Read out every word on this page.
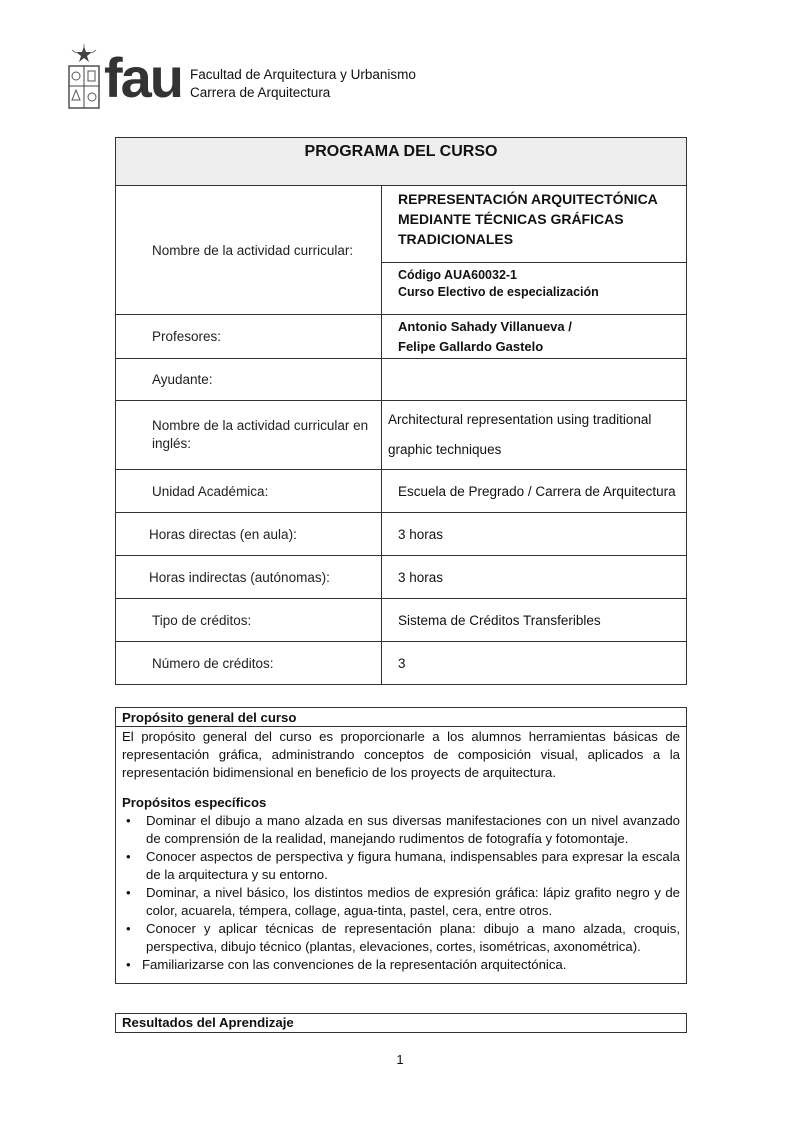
fau Facultad de Arquitectura y Urbanismo
Carrera de Arquitectura
PROGRAMA DEL CURSO	
Nombre de la actividad curricular:	REPRESENTACIÓN ARQUITECTÓNICA MEDIANTE TÉCNICAS GRÁFICAS TRADICIONALES

	Código AUA60032-1
Curso Electivo de especialización

Profesores:	Antonio Sahady Villanueva /
Felipe Gallardo Gastelo

Ayudante:	
Nombre de la actividad curricular en inglés:	Architectural representation using traditional
graphic techniques

Unidad Académica:	Escuela de Pregrado / Carrera de Arquitectura
Horas directas (en aula):	3 horas
Horas indirectas (autónomas):	3 horas
Tipo de créditos:	Sistema de Créditos Transferibles
Número de créditos:	3
Propósito general del curso
El propósito general del curso es proporcionarle a los alumnos herramientas básicas de representación gráfica, administrando conceptos de composición visual, aplicados a la representación bidimensional en beneficio de los proyects de arquitectura.
Propósitos específicos
• Dominar el dibujo a mano alzada en sus diversas manifestaciones con un nivel avanzado de comprensión de la realidad, manejando rudimentos de fotografía y fotomontaje.
• Conocer aspectos de perspectiva y figura humana, indispensables para expresar la escala de la arquitectura y su entorno.
• Dominar, a nivel básico, los distintos medios de expresión gráfica: lápiz grafito negro y de color, acuarela, témpera, collage, agua-tinta, pastel, cera, entre otros.
• Conocer y aplicar técnicas de representación plana: dibujo a mano alzada, croquis, perspectiva, dibujo técnico (plantas, elevaciones, cortes, isométricas, axonométrica).
• Familiarizarse con las convenciones de la representación arquitectónica.
Resultados del Aprendizaje
1
